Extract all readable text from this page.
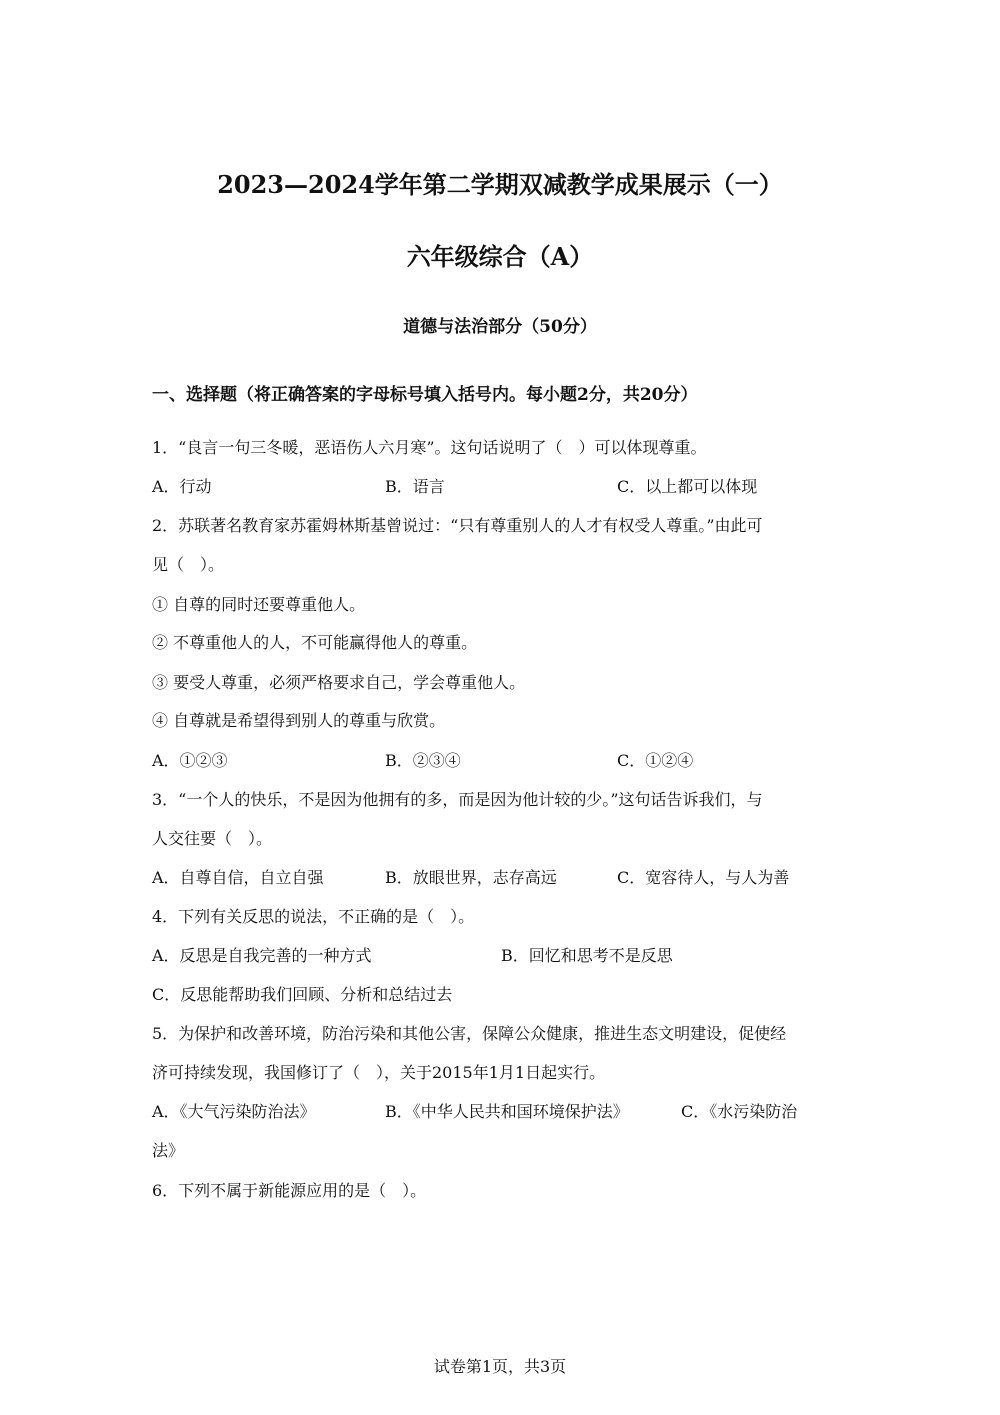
2023—2024学年第二学期双减教学成果展示（一）
六年级综合（A）
道德与法治部分（50分）
一、选择题（将正确答案的字母标号填入括号内。每小题2分，共20分）
1．“良言一句三冬暖，恶语伤人六月寒”。这句话说明了（　）可以体现尊重。
A．行动	B．语言	C．以上都可以体现
2．苏联著名教育家苏霍姆林斯基曾说过：“只有尊重别人的人才有权受人尊重。”由此可
见（　）。
① 自尊的同时还要尊重他人。
② 不尊重他人的人，不可能赢得他人的尊重。
③ 要受人尊重，必须严格要求自己，学会尊重他人。
④ 自尊就是希望得到别人的尊重与欣赏。
A．①②③	B．②③④	C．①②④
3．“一个人的快乐，不是因为他拥有的多，而是因为他计较的少。”这句话告诉我们，与
人交往要（　）。
A．自尊自信，自立自强	B．放眼世界，志存高远	C．宽容待人，与人为善
4．下列有关反思的说法，不正确的是（　）。
A．反思是自我完善的一种方式	B．回忆和思考不是反思
C．反思能帮助我们回顾、分析和总结过去
5．为保护和改善环境，防治污染和其他公害，保障公众健康，推进生态文明建设，促使经
济可持续发现，我国修订了（　），关于2015年1月1日起实行。
A．《大气污染防治法》	B．《中华人民共和国环境保护法》	C．《水污染防治
法》
6．下列不属于新能源应用的是（　）。
试卷第1页，共3页
